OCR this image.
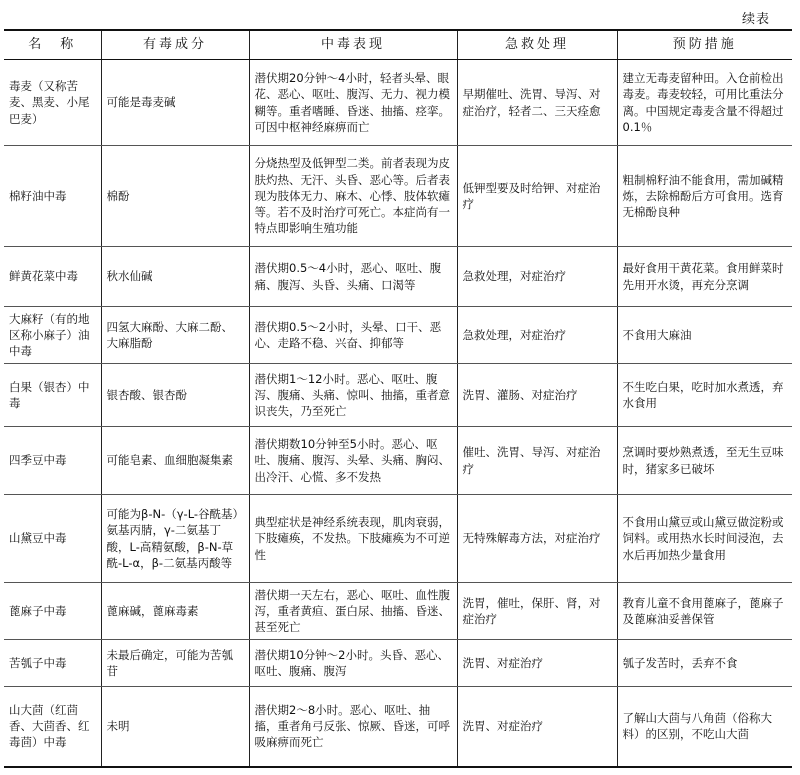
续表
名　称	有毒成分	中毒表现	急救处理	预防措施
毒麦（又称苦麦、黑麦、小尾巴麦）	可能是毒麦碱	潜伏期20分钟～4小时，轻者头晕、眼花、恶心、呕吐、腹泻、无力、视力模糊等。重者嗜睡、昏迷、抽搐、痉挛。可因中枢神经麻痹而亡	早期催吐、洗胃、导泻、对症治疗，轻者二、三天痊愈	建立无毒麦留种田。入仓前检出毒麦。毒麦较轻，可用比重法分离。中国规定毒麦含量不得超过0.1％
棉籽油中毒	棉酚	分烧热型及低钾型二类。前者表现为皮肤灼热、无汗、头昏、恶心等。后者表现为肢体无力、麻木、心悸、肢体软瘫等。若不及时治疗可死亡。本症尚有一特点即影响生殖功能	低钾型要及时给钾、对症治疗	粗制棉籽油不能食用，需加碱精炼，去除棉酚后方可食用。选育无棉酚良种
鲜黄花菜中毒	秋水仙碱	潜伏期0.5～4小时，恶心、呕吐、腹痛、腹泻、头昏、头痛、口渴等	急救处理，对症治疗	最好食用干黄花菜。食用鲜菜时先用开水烫，再充分烹调
大麻籽（有的地区称小麻子）油中毒	四氢大麻酚、大麻二酚、大麻脂酚	潜伏期0.5～2小时，头晕、口干、恶心、走路不稳、兴奋、抑郁等	急救处理，对症治疗	不食用大麻油
白果（银杏）中毒	银杏酸、银杏酚	潜伏期1～12小时。恶心、呕吐、腹泻、腹痛、头痛、惊叫、抽搐，重者意识丧失，乃至死亡	洗胃、灌肠、对症治疗	不生吃白果，吃时加水煮透，弃水食用
四季豆中毒	可能皂素、血细胞凝集素	潜伏期数10分钟至5小时。恶心、呕吐、腹痛、腹泻、头晕、头痛、胸闷、出冷汗、心慌、多不发热	催吐、洗胃、导泻、对症治疗	烹调时要炒熟煮透，至无生豆味时，猪家多已破坏
山黛豆中毒	可能为β-N-（γ-L-谷酰基）氨基丙腈，γ-二氨基丁酸，L-高精氨酸，β-N-草酰-L-α，β-二氨基丙酸等	典型症状是神经系统表现，肌肉衰弱，下肢瘫痪，不发热。下肢瘫痪为不可逆性	无特殊解毒方法，对症治疗	不食用山黛豆或山黛豆做淀粉或饲料。或用热水长时间浸泡，去水后再加热少量食用
蓖麻子中毒	蓖麻碱，蓖麻毒素	潜伏期一天左右，恶心、呕吐、血性腹泻，重者黄疸、蛋白尿、抽搐、昏迷、甚至死亡	洗胃，催吐，保肝、肾，对症治疗	教育儿童不食用蓖麻子，蓖麻子及蓖麻油妥善保管
苦瓠子中毒	未最后确定，可能为苦瓠苷	潜伏期10分钟～2小时。头昏、恶心、呕吐、腹痛、腹泻	洗胃、对症治疗	瓠子发苦时，丢弃不食
山大茴（红茴香、大茴香、红毒茴）中毒	未明	潜伏期2～8小时。恶心、呕吐、抽搐，重者角弓反张、惊厥、昏迷，可呼吸麻痹而死亡	洗胃、对症治疗	了解山大茴与八角茴（俗称大料）的区别，不吃山大茴
